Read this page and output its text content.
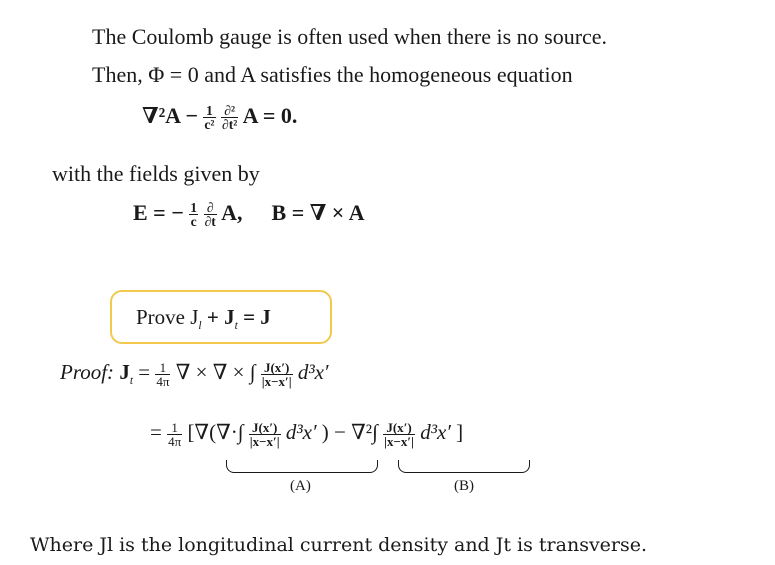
The Coulomb gauge is often used when there is no source.
Then, Φ = 0 and A satisfies the homogeneous equation
$\nabla^2A - \frac{1}{\text{c²}}$
$\frac{\text{∂²}}{\text{∂t²}}$ A = 0.
with the fields given by
E = − $\frac{1}{c}$
$\frac{\partial}{\partial t} A$, B = ∇ × A
Prove $J_l + J_t = J$
Proof: $J_t = \frac{1}{4\pi}$ ∇ × ∇ × ∫ $\frac{J(x')}{|x-x'|} d^3x'$
= $\frac{1}{4\pi}$ [∇(∇·∫ $\frac{J(x')}{|x-x'|} d^3x'$ ) − $\nabla^2\int \frac{J(x')}{|x-x'|} d^3x'$ ]
(A)	(B)
Where Jl is the longitudinal current density and Jt is transverse.
